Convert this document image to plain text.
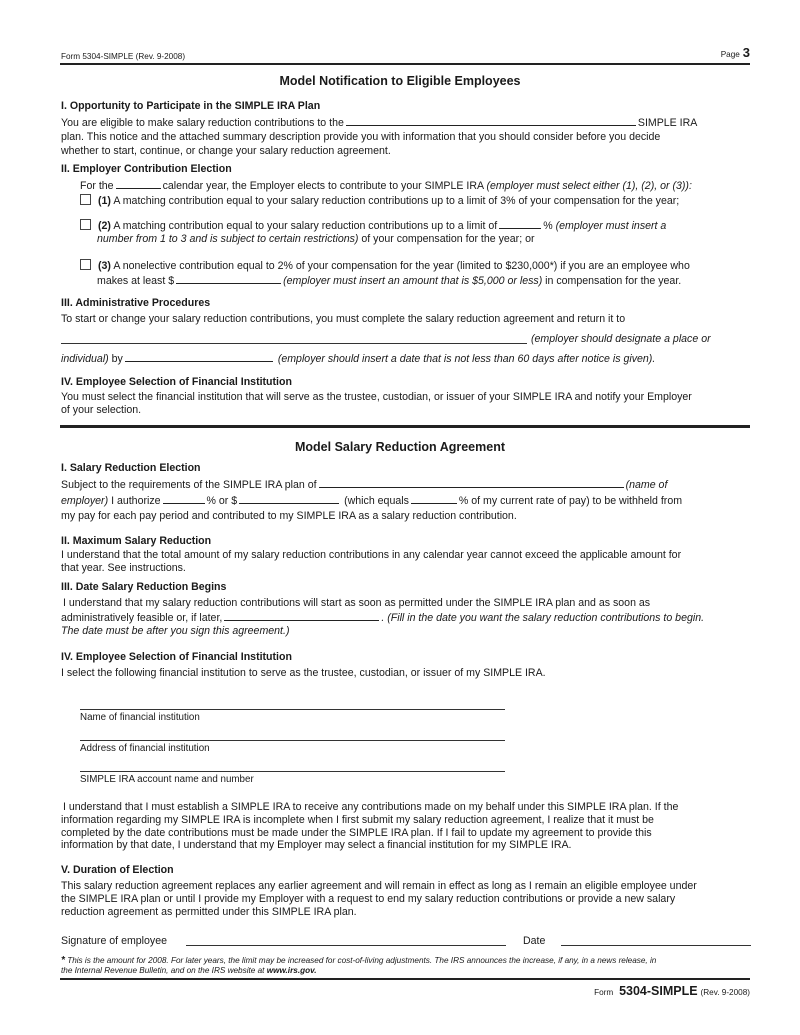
Form 5304-SIMPLE (Rev. 9-2008)	Page 3
Model Notification to Eligible Employees
I. Opportunity to Participate in the SIMPLE IRA Plan
You are eligible to make salary reduction contributions to the	SIMPLE IRA
plan. This notice and the attached summary description provide you with information that you should consider before you decide
whether to start, continue, or change your salary reduction agreement.
II. Employer Contribution Election
For the	calendar year, the Employer elects to contribute to your SIMPLE IRA (employer must select either (1), (2), or (3)):
(1) A matching contribution equal to your salary reduction contributions up to a limit of 3% of your compensation for the year;
(2) A matching contribution equal to your salary reduction contributions up to a limit of	% (employer must insert a
number from 1 to 3 and is subject to certain restrictions) of your compensation for the year; or
(3) A nonelective contribution equal to 2% of your compensation for the year (limited to $230,000*) if you are an employee who
makes at least $	(employer must insert an amount that is $5,000 or less) in compensation for the year.
III. Administrative Procedures
To start or change your salary reduction contributions, you must complete the salary reduction agreement and return it to
(employer should designate a place or
individual) by	(employer should insert a date that is not less than 60 days after notice is given).
IV. Employee Selection of Financial Institution
You must select the financial institution that will serve as the trustee, custodian, or issuer of your SIMPLE IRA and notify your Employer
of your selection.
Model Salary Reduction Agreement
I. Salary Reduction Election
Subject to the requirements of the SIMPLE IRA plan of	(name of
employer) I authorize	% or $	(which equals	% of my current rate of pay) to be withheld from
my pay for each pay period and contributed to my SIMPLE IRA as a salary reduction contribution.
II. Maximum Salary Reduction
I understand that the total amount of my salary reduction contributions in any calendar year cannot exceed the applicable amount for
that year. See instructions.
III. Date Salary Reduction Begins
I understand that my salary reduction contributions will start as soon as permitted under the SIMPLE IRA plan and as soon as
administratively feasible or, if later,	. (Fill in the date you want the salary reduction contributions to begin.
The date must be after you sign this agreement.)
IV. Employee Selection of Financial Institution
I select the following financial institution to serve as the trustee, custodian, or issuer of my SIMPLE IRA.
Name of financial institution
Address of financial institution
SIMPLE IRA account name and number
I understand that I must establish a SIMPLE IRA to receive any contributions made on my behalf under this SIMPLE IRA plan. If the
information regarding my SIMPLE IRA is incomplete when I first submit my salary reduction agreement, I realize that it must be
completed by the date contributions must be made under the SIMPLE IRA plan. If I fail to update my agreement to provide this
information by that date, I understand that my Employer may select a financial institution for my SIMPLE IRA.
V. Duration of Election
This salary reduction agreement replaces any earlier agreement and will remain in effect as long as I remain an eligible employee under
the SIMPLE IRA plan or until I provide my Employer with a request to end my salary reduction contributions or provide a new salary
reduction agreement as permitted under this SIMPLE IRA plan.
Signature of employee	Date
* This is the amount for 2008. For later years, the limit may be increased for cost-of-living adjustments. The IRS announces the increase, if any, in a news release, in
the Internal Revenue Bulletin, and on the IRS website at www.irs.gov.
Form 5304-SIMPLE (Rev. 9-2008)
